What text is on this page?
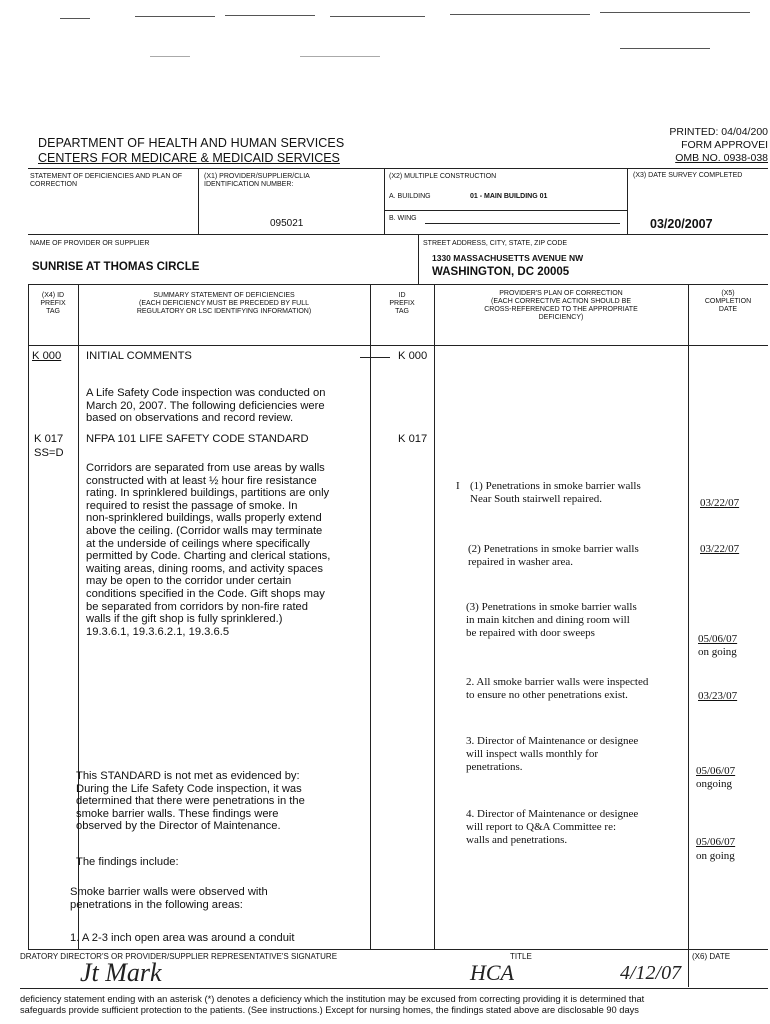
DEPARTMENT OF HEALTH AND HUMAN SERVICES
CENTERS FOR MEDICARE & MEDICAID SERVICES
PRINTED: 04/04/200
FORM APPROVEI
OMB NO. 0938-038
STATEMENT OF DEFICIENCIES AND PLAN OF CORRECTION
(X1) PROVIDER/SUPPLIER/CLIA IDENTIFICATION NUMBER:
095021
(X2) MULTIPLE CONSTRUCTION
A. BUILDING	01 - MAIN BUILDING 01
B. WING
(X3) DATE SURVEY COMPLETED
03/20/2007
NAME OF PROVIDER OR SUPPLIER
SUNRISE AT THOMAS CIRCLE
STREET ADDRESS, CITY, STATE, ZIP CODE
1330 MASSACHUSETTS AVENUE NW
WASHINGTON, DC 20005
(X4) ID
PREFIX
TAG
SUMMARY STATEMENT OF DEFICIENCIES
(EACH DEFICIENCY MUST BE PRECEDED BY FULL
REGULATORY OR LSC IDENTIFYING INFORMATION)
ID
PREFIX
TAG
PROVIDER'S PLAN OF CORRECTION
(EACH CORRECTIVE ACTION SHOULD BE
CROSS-REFERENCED TO THE APPROPRIATE
DEFICIENCY)
(X5)
COMPLETION
DATE
K 000 INITIAL COMMENTS	K 000
A Life Safety Code inspection was conducted on
March 20, 2007. The following deficiencies were
based on observations and record review.
K 017
SS=D
NFPA 101 LIFE SAFETY CODE STANDARD	K 017
Corridors are separated from use areas by walls
constructed with at least ½ hour fire resistance
rating. In sprinklered buildings, partitions are only
required to resist the passage of smoke. In
non-sprinklered buildings, walls properly extend
above the ceiling. (Corridor walls may terminate
at the underside of ceilings where specifically
permitted by Code. Charting and clerical stations,
waiting areas, dining rooms, and activity spaces
may be open to the corridor under certain
conditions specified in the Code. Gift shops may
be separated from corridors by non-fire rated
walls if the gift shop is fully sprinklered.)
19.3.6.1, 19.3.6.2.1, 19.3.6.5
This STANDARD is not met as evidenced by:
During the Life Safety Code inspection, it was
determined that there were penetrations in the
smoke barrier walls. These findings were
observed by the Director of Maintenance.
The findings include:
Smoke barrier walls were observed with
penetrations in the following areas:
1. A 2-3 inch open area was around a conduit
I (1) Penetrations in smoke barrier walls
Near South stairwell repaired.	03/22/07
(2) Penetrations in smoke barrier walls
repaired in washer area.
03/22/07
(3) Penetrations in smoke barrier walls
in main kitchen and dining room will
be repaired with door sweeps	05/06/07
on going
2. All smoke barrier walls were inspected
to ensure no other penetrations exist.	03/23/07
3. Director of Maintenance or designee
will inspect walls monthly for
penetrations.	05/06/07
ongoing
4. Director of Maintenance or designee
will report to Q&A Committee re:
walls and penetrations.	05/06/07
on going
DRATORY DIRECTOR'S OR PROVIDER/SUPPLIER REPRESENTATIVE'S SIGNATURE	TITLE	(X6) DATE
Jt Mark	HCA	4/12/07
deficiency statement ending with an asterisk (*) denotes a deficiency which the institution may be excused from correcting providing it is determined that
safeguards provide sufficient protection to the patients. (See instructions.) Except for nursing homes, the findings stated above are disclosable 90 days
